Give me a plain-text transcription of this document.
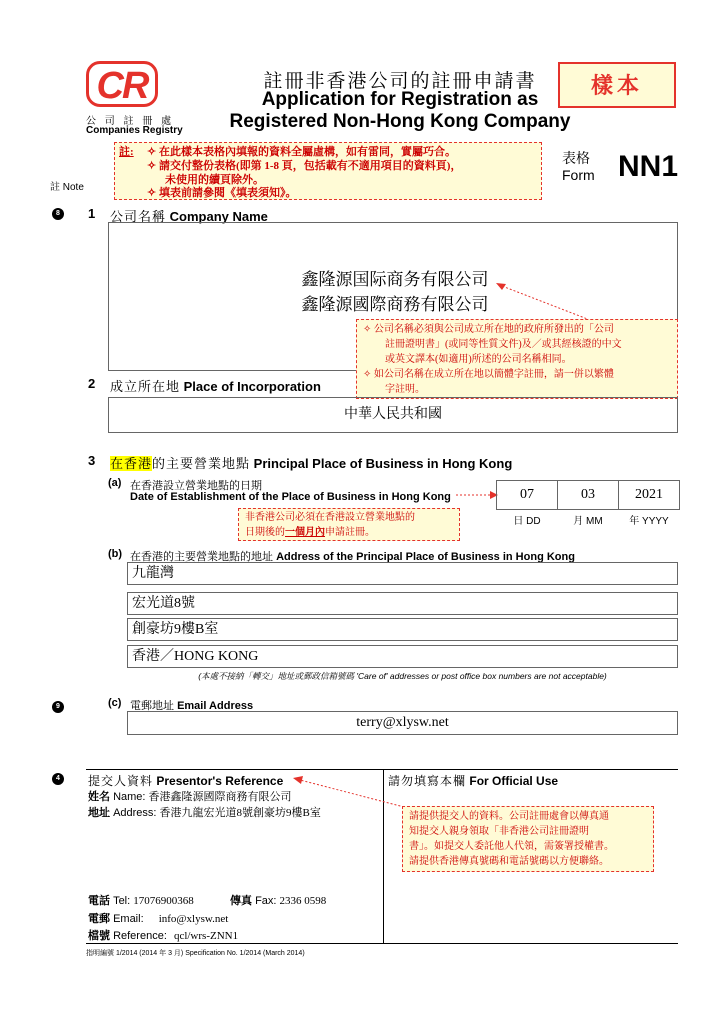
CR
公 司 註 冊 處
Companies Registry
註冊非香港公司的註冊申請書
Application for Registration as
Registered Non-Hong Kong Company
樣本
註 Note
註: ✧ 在此樣本表格內填報的資料全屬虛構，如有雷同，實屬巧合。
✧ 請交付整份表格(即第 1-8 頁，包括載有不適用項目的資料頁)，
未使用的續頁除外。
✧ 填表前請參閱《填表須知》。
表格
Form NN1
8	1 公司名稱 Company Name
鑫隆源国际商务有限公司
鑫隆源國際商務有限公司
✧ 公司名稱必須與公司成立所在地的政府所發出的「公司
註冊證明書」(或同等性質文件)及／或其經核證的中文
或英文譯本(如適用)所述的公司名稱相同。
✧ 如公司名稱在成立所在地以簡體字註冊，請一併以繁體
字註明。
2 成立所在地 Place of Incorporation
中華人民共和國
3 在香港的主要營業地點 Principal Place of Business in Hong Kong
(a) 在香港設立營業地點的日期
Date of Establishment of the Place of Business in Hong Kong	07	03	2021
日 DD	月 MM	年 YYYY
非香港公司必須在香港設立營業地點的
日期後的一個月內申請註冊。
(b) 在香港的主要營業地點的地址 Address of the Principal Place of Business in Hong Kong
九龍灣
宏光道8號
創豪坊9樓B室
香港／HONG KONG
(本處不接納「轉交」地址或郵政信箱號碼 'Care of' addresses or post office box numbers are not acceptable)
9	(c) 電郵地址 Email Address
terry@xlysw.net
4	提交人資料 Presentor's Reference	請勿填寫本欄 For Official Use
姓名 Name: 香港鑫隆源國際商務有限公司
地址 Address: 香港九龍宏光道8號創豪坊9樓B室	請提供提交人的資料。公司註冊處會以傳真通
知提交人親身領取「非香港公司註冊證明
書」。如提交人委託他人代領，需簽署授權書。
請提供香港傳真號碼和電話號碼以方便聯絡。
電話 Tel: 17076900368	傳真 Fax: 2336 0598
電郵 Email: info@xlysw.net
檔號 Reference: qcl/wrs-ZNN1
指明編號 1/2014 (2014 年 3 月) Specification No. 1/2014 (March 2014)
